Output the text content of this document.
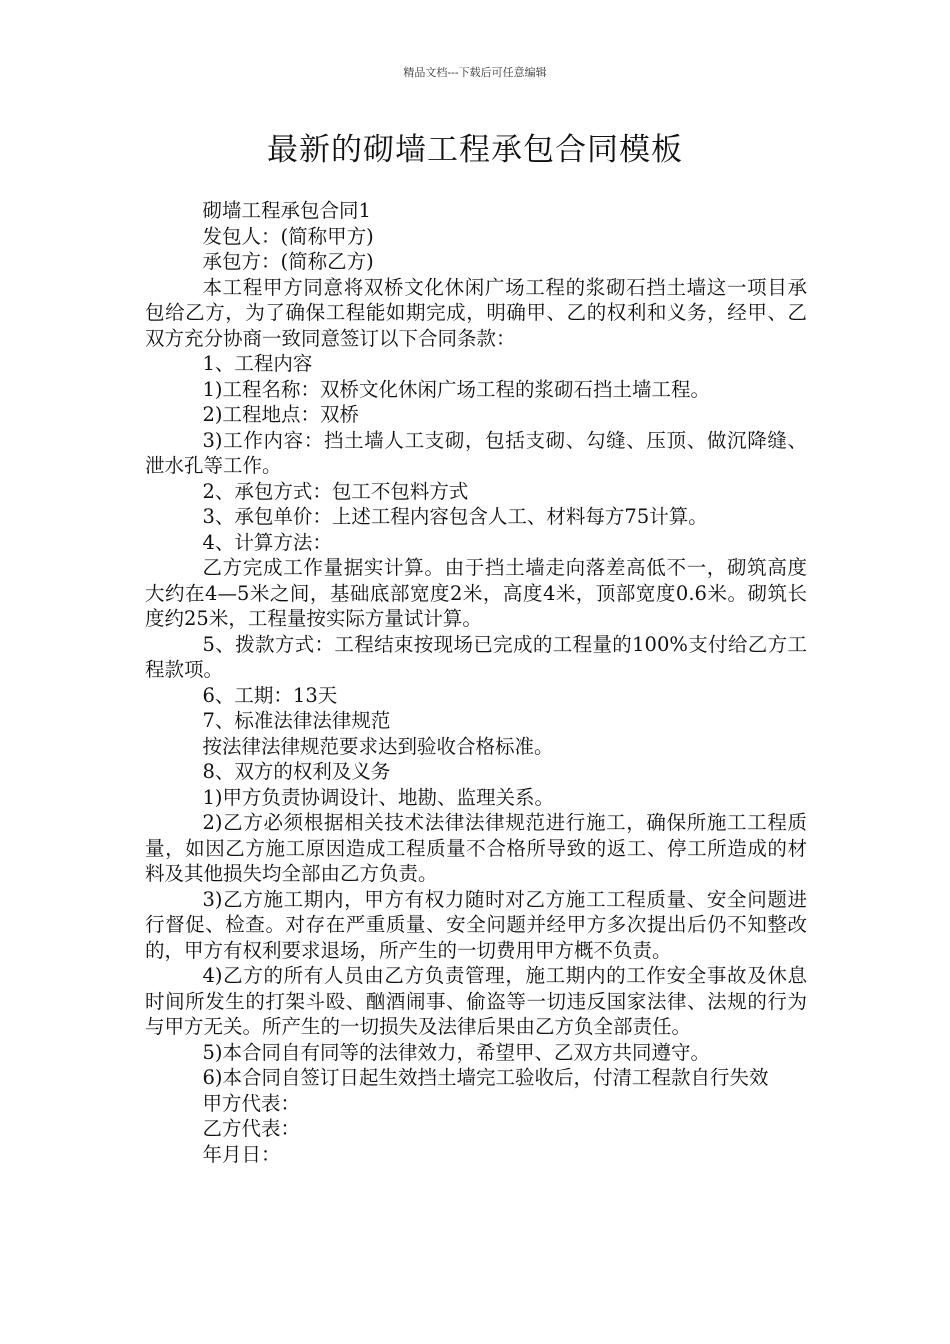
精品文档---下载后可任意编辑
最新的砌墙工程承包合同模板

砌墙工程承包合同1

发包人：(简称甲方)

承包方：(简称乙方)

本工程甲方同意将双桥文化休闲广场工程的浆砌石挡土墙这一项目承包给乙方，为了确保工程能如期完成，明确甲、乙的权利和义务，经甲、乙双方充分协商一致同意签订以下合同条款：

1、工程内容

1)工程名称：双桥文化休闲广场工程的浆砌石挡土墙工程。

2)工程地点：双桥

3)工作内容：挡土墙人工支砌，包括支砌、勾缝、压顶、做沉降缝、泄水孔等工作。

2、承包方式：包工不包料方式

3、承包单价：上述工程内容包含人工、材料每方75计算。

4、计算方法：

乙方完成工作量据实计算。由于挡土墙走向落差高低不一，砌筑高度大约在4—5米之间，基础底部宽度2米，高度4米，顶部宽度0.6米。砌筑长度约25米，工程量按实际方量试计算。

5、拨款方式：工程结束按现场已完成的工程量的100%支付给乙方工程款项。

6、工期：13天

7、标准法律法律规范

按法律法律规范要求达到验收合格标准。

8、双方的权利及义务

1)甲方负责协调设计、地勘、监理关系。

2)乙方必须根据相关技术法律法律规范进行施工，确保所施工工程质量，如因乙方施工原因造成工程质量不合格所导致的返工、停工所造成的材料及其他损失均全部由乙方负责。

3)乙方施工期内，甲方有权力随时对乙方施工工程质量、安全问题进行督促、检查。对存在严重质量、安全问题并经甲方多次提出后仍不知整改的，甲方有权利要求退场，所产生的一切费用甲方概不负责。

4)乙方的所有人员由乙方负责管理，施工期内的工作安全事故及休息时间所发生的打架斗殴、酗酒闹事、偷盗等一切违反国家法律、法规的行为与甲方无关。所产生的一切损失及法律后果由乙方负全部责任。

5)本合同自有同等的法律效力，希望甲、乙双方共同遵守。

6)本合同自签订日起生效挡土墙完工验收后，付清工程款自行失效

甲方代表：

乙方代表：

年月日：
